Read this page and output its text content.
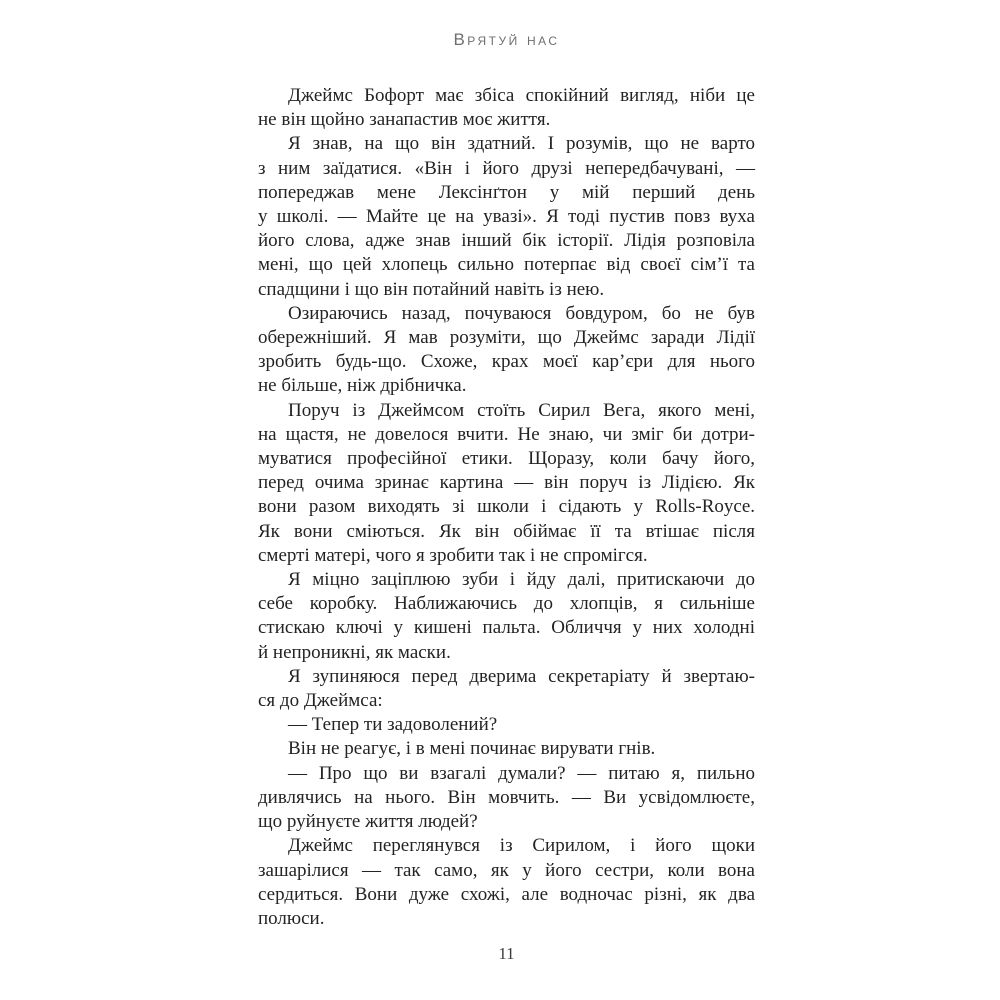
Врятуй нас
Джеймс Бофорт має збіса спокійний вигляд, ніби це
не він щойно занапастив моє життя.
Я знав, на що він здатний. І розумів, що не варто
з ним заїдатися. «Він і його друзі непередбачувані, —
попереджав мене Лексінґтон у мій перший день
у школі. — Майте це на увазі». Я тоді пустив повз вуха
його слова, адже знав інший бік історії. Лідія розповіла
мені, що цей хлопець сильно потерпає від своєї сім’ї та
спадщини і що він потайний навіть із нею.
Озираючись назад, почуваюся бовдуром, бо не був
обережніший. Я мав розуміти, що Джеймс заради Лідії
зробить будь-що. Схоже, крах моєї кар’єри для нього
не більше, ніж дрібничка.
Поруч із Джеймсом стоїть Сирил Вега, якого мені,
на щастя, не довелося вчити. Не знаю, чи зміг би дотри-
муватися професійної етики. Щоразу, коли бачу його,
перед очима зринає картина — він поруч із Лідією. Як
вони разом виходять зі школи і сідають у Rolls-Royce.
Як вони сміються. Як він обіймає її та втішає після
смерті матері, чого я зробити так і не спромігся.
Я міцно заціплюю зуби і йду далі, притискаючи до
себе коробку. Наближаючись до хлопців, я сильніше
стискаю ключі у кишені пальта. Обличчя у них холодні
й непроникні, як маски.
Я зупиняюся перед дверима секретаріату й звертаю-
ся до Джеймса:
— Тепер ти задоволений?
Він не реагує, і в мені починає вирувати гнів.
— Про що ви взагалі думали? — питаю я, пильно
дивлячись на нього. Він мовчить. — Ви усвідомлюєте,
що руйнуєте життя людей?
Джеймс переглянувся із Сирилом, і його щоки
зашарілися — так само, як у його сестри, коли вона
сердиться. Вони дуже схожі, але водночас різні, як два
полюси.
11
